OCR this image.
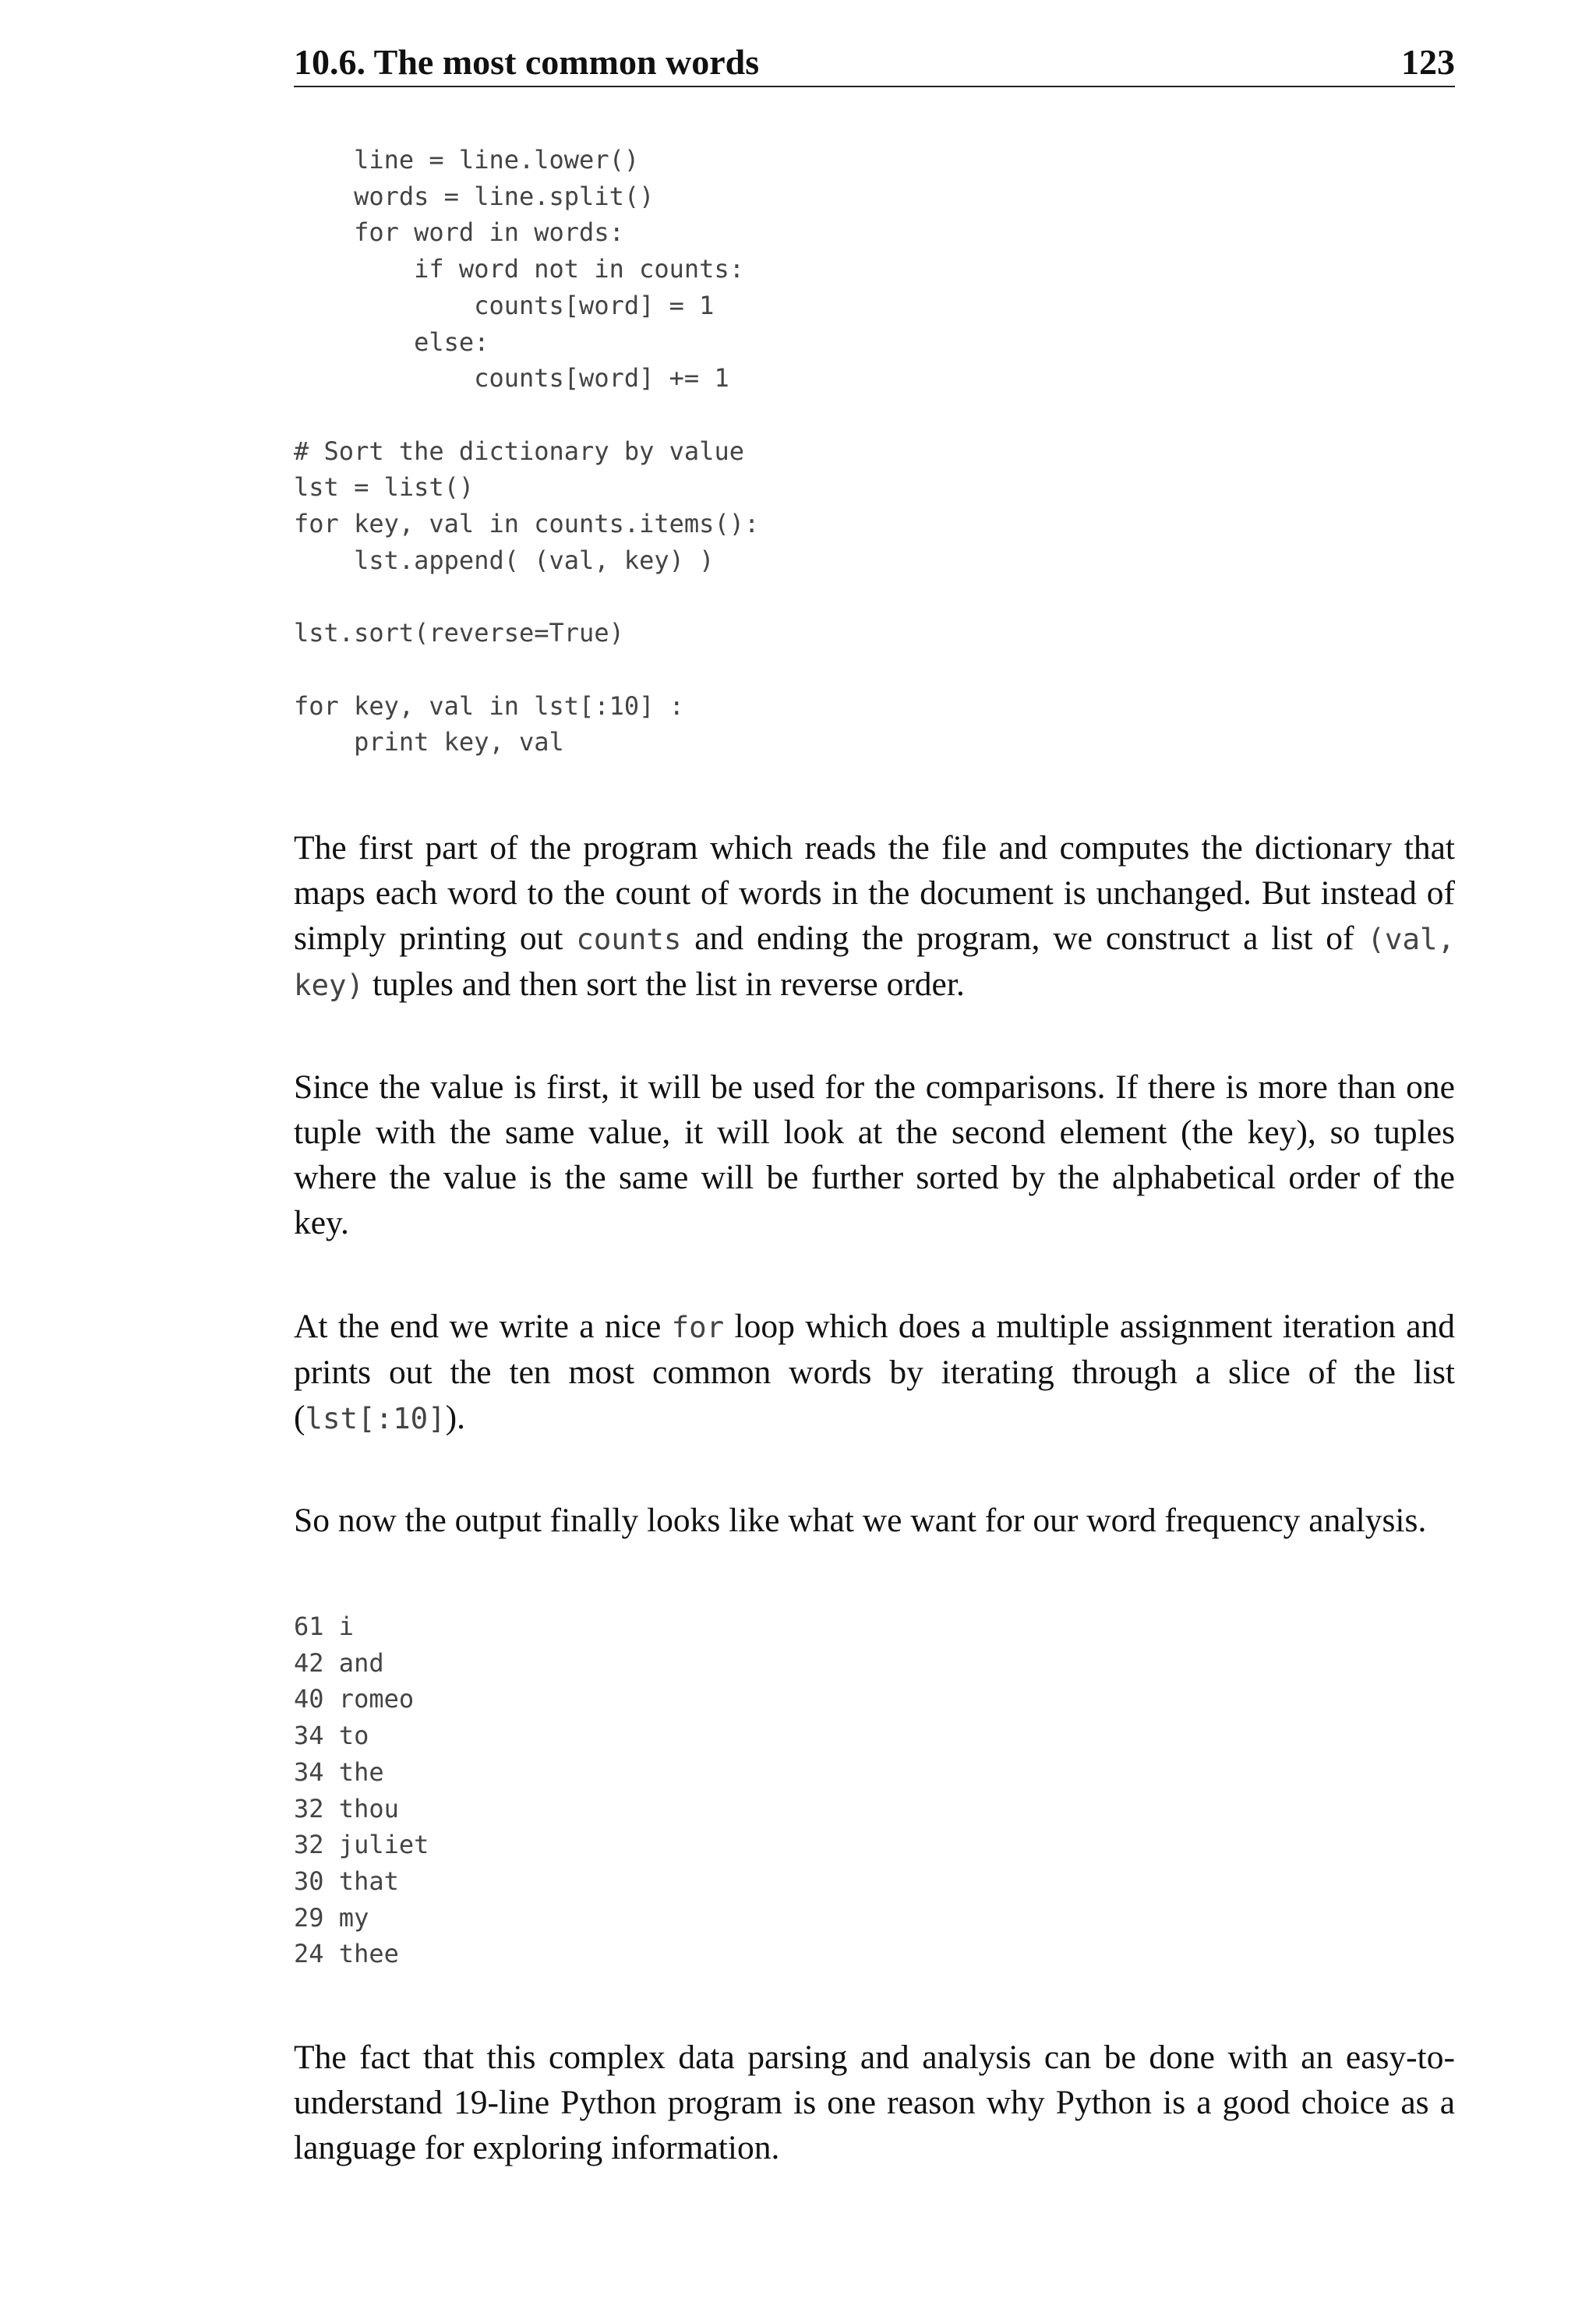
10.6. The most common words	123
line = line.lower()
words = line.split()
for word in words:
if word not in counts:
counts[word] = 1
else:
counts[word] += 1

# Sort the dictionary by value
lst = list()
for key, val in counts.items():
lst.append( (val, key) )

lst.sort(reverse=True)

for key, val in lst[:10] :
print key, val

The first part of the program which reads the file and computes the dictionary that maps each word to the count of words in the document is unchanged. But instead of simply printing out counts and ending the program, we construct a list of (val, key) tuples and then sort the list in reverse order.

Since the value is first, it will be used for the comparisons. If there is more than one tuple with the same value, it will look at the second element (the key), so tuples where the value is the same will be further sorted by the alphabetical order of the key.

At the end we write a nice for loop which does a multiple assignment iteration and prints out the ten most common words by iterating through a slice of the list (lst[:10]).

So now the output finally looks like what we want for our word frequency analysis.

61 i
42 and
40 romeo
34 to
34 the
32 thou
32 juliet
30 that
29 my
24 thee

The fact that this complex data parsing and analysis can be done with an easy-to-understand 19-line Python program is one reason why Python is a good choice as a language for exploring information.
